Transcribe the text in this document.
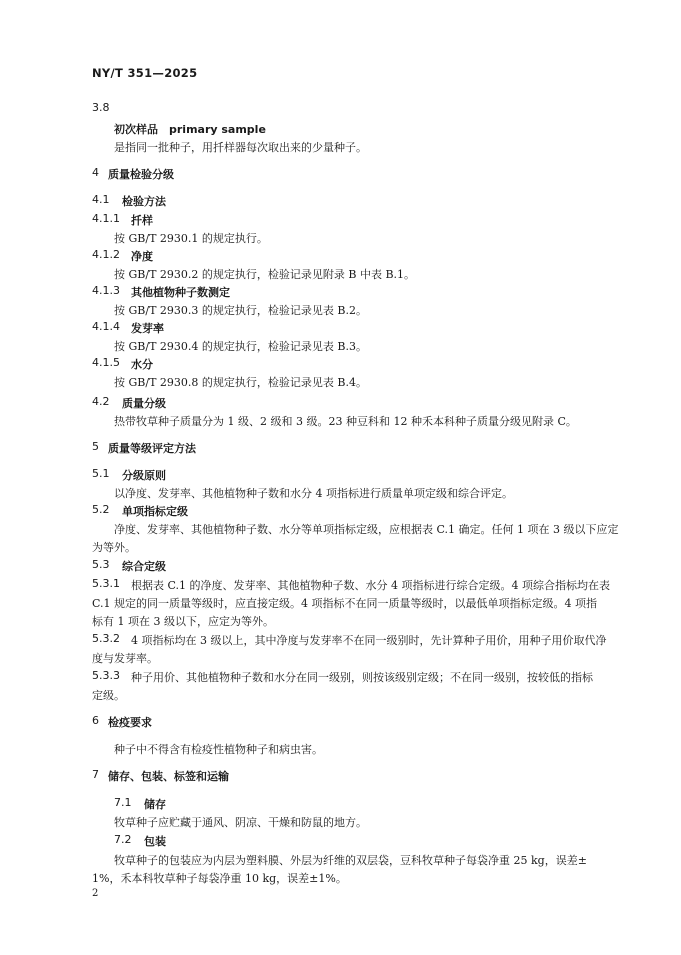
NY/T 351—2025
3.8
初次样品　primary sample
是指同一批种子，用扦样器每次取出来的少量种子。
4 质量检验分级
4.1 检验方法
4.1.1 扦样
按 GB/T 2930.1 的规定执行。
4.1.2 净度
按 GB/T 2930.2 的规定执行，检验记录见附录 B 中表 B.1。
4.1.3 其他植物种子数测定
按 GB/T 2930.3 的规定执行，检验记录见表 B.2。
4.1.4 发芽率
按 GB/T 2930.4 的规定执行，检验记录见表 B.3。
4.1.5 水分
按 GB/T 2930.8 的规定执行，检验记录见表 B.4。
4.2 质量分级
热带牧草种子质量分为 1 级、2 级和 3 级。23 种豆科和 12 种禾本科种子质量分级见附录 C。
5 质量等级评定方法
5.1 分级原则
以净度、发芽率、其他植物种子数和水分 4 项指标进行质量单项定级和综合评定。
5.2 单项指标定级
净度、发芽率、其他植物种子数、水分等单项指标定级，应根据表 C.1 确定。任何 1 项在 3 级以下应定
为等外。
5.3 综合定级
5.3.1 根据表 C.1 的净度、发芽率、其他植物种子数、水分 4 项指标进行综合定级。4 项综合指标均在表
C.1 规定的同一质量等级时，应直接定级。4 项指标不在同一质量等级时，以最低单项指标定级。4 项指
标有 1 项在 3 级以下，应定为等外。
5.3.2 4 项指标均在 3 级以上，其中净度与发芽率不在同一级别时，先计算种子用价，用种子用价取代净
度与发芽率。
5.3.3 种子用价、其他植物种子数和水分在同一级别，则按该级别定级；不在同一级别，按较低的指标
定级。
6 检疫要求
种子中不得含有检疫性植物种子和病虫害。
7 储存、包装、标签和运输
7.1 储存
牧草种子应贮藏于通风、阴凉、干燥和防鼠的地方。
7.2 包装
牧草种子的包装应为内层为塑料膜、外层为纤维的双层袋，豆科牧草种子每袋净重 25 kg，误差±
1%，禾本科牧草种子每袋净重 10 kg，误差±1%。
2
